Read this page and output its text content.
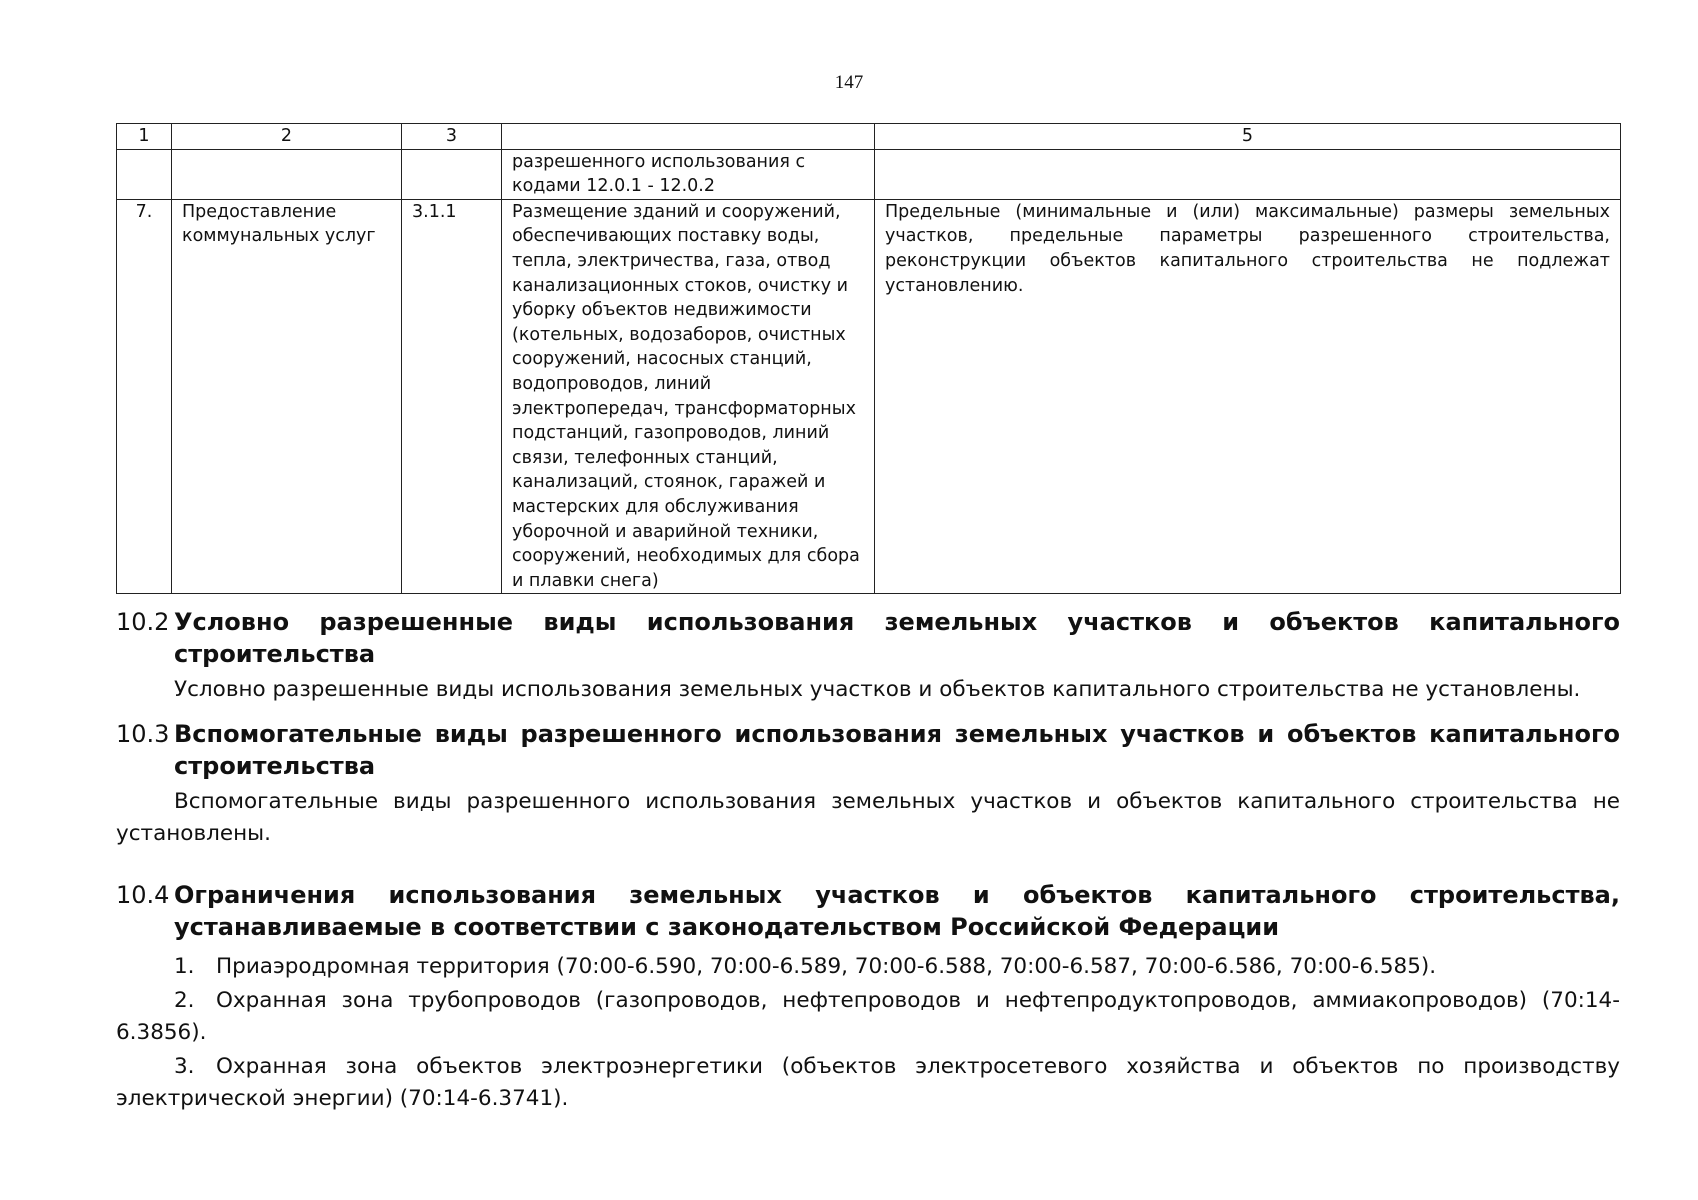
147
1	2	3		5
			разрешенного использования с кодами 12.0.1 - 12.0.2	
7.	Предоставление коммунальных услуг	3.1.1	Размещение зданий и сооружений, обеспечивающих поставку воды, тепла, электричества, газа, отвод канализационных стоков, очистку и уборку объектов недвижимости (котельных, водозаборов, очистных сооружений, насосных станций, водопроводов, линий электропередач, трансформаторных подстанций, газопроводов, линий связи, телефонных станций, канализаций, стоянок, гаражей и мастерских для обслуживания уборочной и аварийной техники, сооружений, необходимых для сбора и плавки снега)	Предельные (минимальные и (или) максимальные) размеры земельных участков, предельные параметры разрешенного строительства, реконструкции объектов капитального строительства не подлежат установлению.
10.2 Условно разрешенные виды использования земельных участков и объектов капитального строительства
Условно разрешенные виды использования земельных участков и объектов капитального строительства не установлены.
10.3 Вспомогательные виды разрешенного использования земельных участков и объектов капитального строительства
Вспомогательные виды разрешенного использования земельных участков и объектов капитального строительства не установлены.
10.4 Ограничения использования земельных участков и объектов капитального строительства, устанавливаемые в соответствии с законодательством Российской Федерации
1. Приаэродромная территория (70:00-6.590, 70:00-6.589, 70:00-6.588, 70:00-6.587, 70:00-6.586, 70:00-6.585).
2. Охранная зона трубопроводов (газопроводов, нефтепроводов и нефтепродуктопроводов, аммиакопроводов) (70:14-6.3856).
3. Охранная зона объектов электроэнергетики (объектов электросетевого хозяйства и объектов по производству электрической энергии) (70:14-6.3741).
